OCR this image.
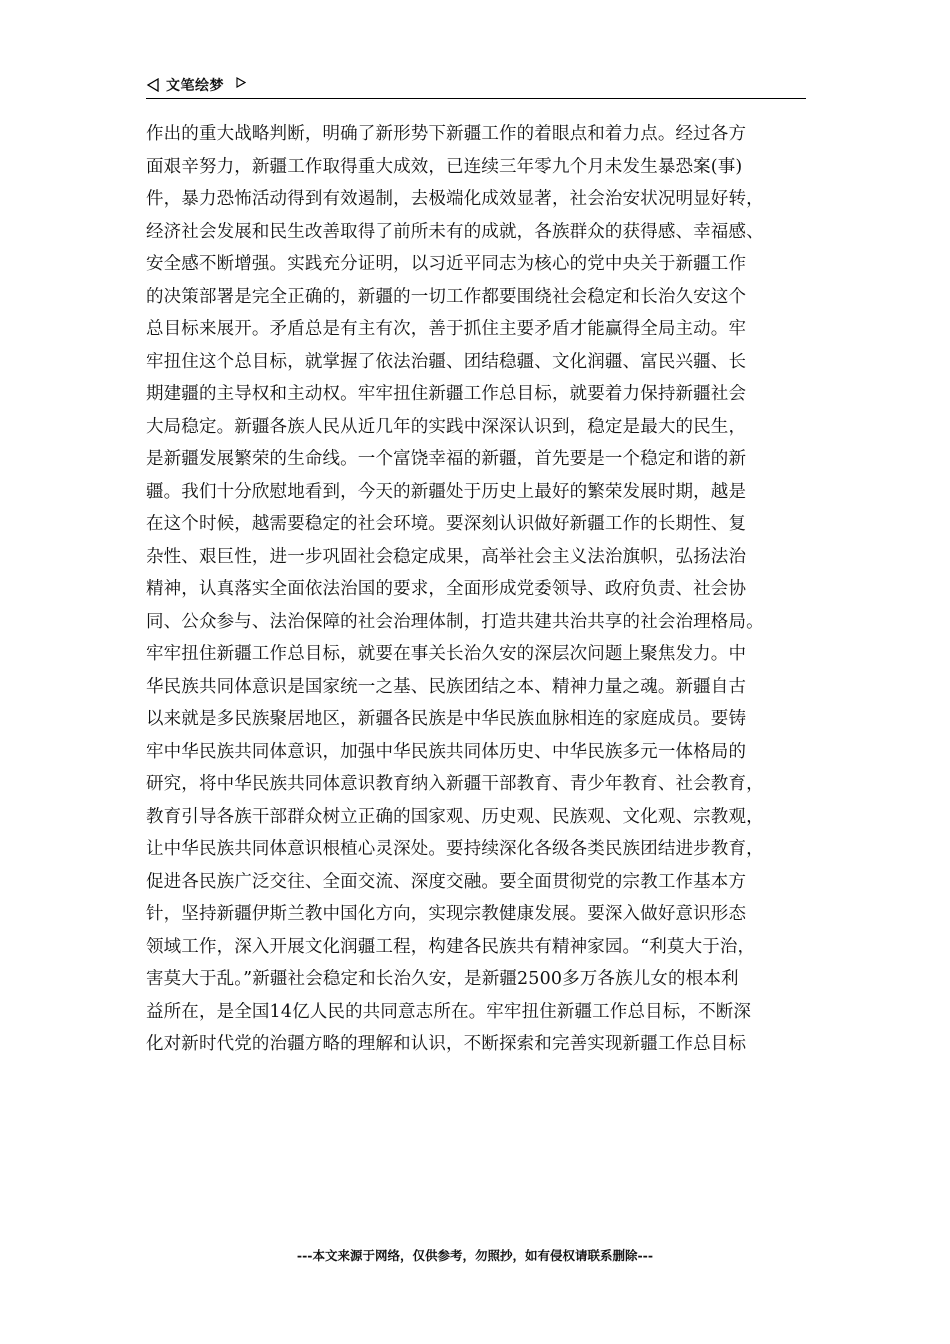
文笔绘梦
作出的重大战略判断，明确了新形势下新疆工作的着眼点和着力点。经过各方
面艰辛努力，新疆工作取得重大成效，已连续三年零九个月未发生暴恐案(事)
件，暴力恐怖活动得到有效遏制，去极端化成效显著，社会治安状况明显好转，
经济社会发展和民生改善取得了前所未有的成就，各族群众的获得感、幸福感、
安全感不断增强。实践充分证明，以习近平同志为核心的党中央关于新疆工作
的决策部署是完全正确的，新疆的一切工作都要围绕社会稳定和长治久安这个
总目标来展开。矛盾总是有主有次，善于抓住主要矛盾才能赢得全局主动。牢
牢扭住这个总目标，就掌握了依法治疆、团结稳疆、文化润疆、富民兴疆、长
期建疆的主导权和主动权。牢牢扭住新疆工作总目标，就要着力保持新疆社会
大局稳定。新疆各族人民从近几年的实践中深深认识到，稳定是最大的民生，
是新疆发展繁荣的生命线。一个富饶幸福的新疆，首先要是一个稳定和谐的新
疆。我们十分欣慰地看到，今天的新疆处于历史上最好的繁荣发展时期，越是
在这个时候，越需要稳定的社会环境。要深刻认识做好新疆工作的长期性、复
杂性、艰巨性，进一步巩固社会稳定成果，高举社会主义法治旗帜，弘扬法治
精神，认真落实全面依法治国的要求，全面形成党委领导、政府负责、社会协
同、公众参与、法治保障的社会治理体制，打造共建共治共享的社会治理格局。
牢牢扭住新疆工作总目标，就要在事关长治久安的深层次问题上聚焦发力。中
华民族共同体意识是国家统一之基、民族团结之本、精神力量之魂。新疆自古
以来就是多民族聚居地区，新疆各民族是中华民族血脉相连的家庭成员。要铸
牢中华民族共同体意识，加强中华民族共同体历史、中华民族多元一体格局的
研究，将中华民族共同体意识教育纳入新疆干部教育、青少年教育、社会教育，
教育引导各族干部群众树立正确的国家观、历史观、民族观、文化观、宗教观，
让中华民族共同体意识根植心灵深处。要持续深化各级各类民族团结进步教育，
促进各民族广泛交往、全面交流、深度交融。要全面贯彻党的宗教工作基本方
针，坚持新疆伊斯兰教中国化方向，实现宗教健康发展。要深入做好意识形态
领域工作，深入开展文化润疆工程，构建各民族共有精神家园。“利莫大于治，
害莫大于乱。”新疆社会稳定和长治久安，是新疆2500多万各族儿女的根本利
益所在，是全国14亿人民的共同意志所在。牢牢扭住新疆工作总目标，不断深
化对新时代党的治疆方略的理解和认识，不断探索和完善实现新疆工作总目标
---本文来源于网络，仅供参考，勿照抄，如有侵权请联系删除---
